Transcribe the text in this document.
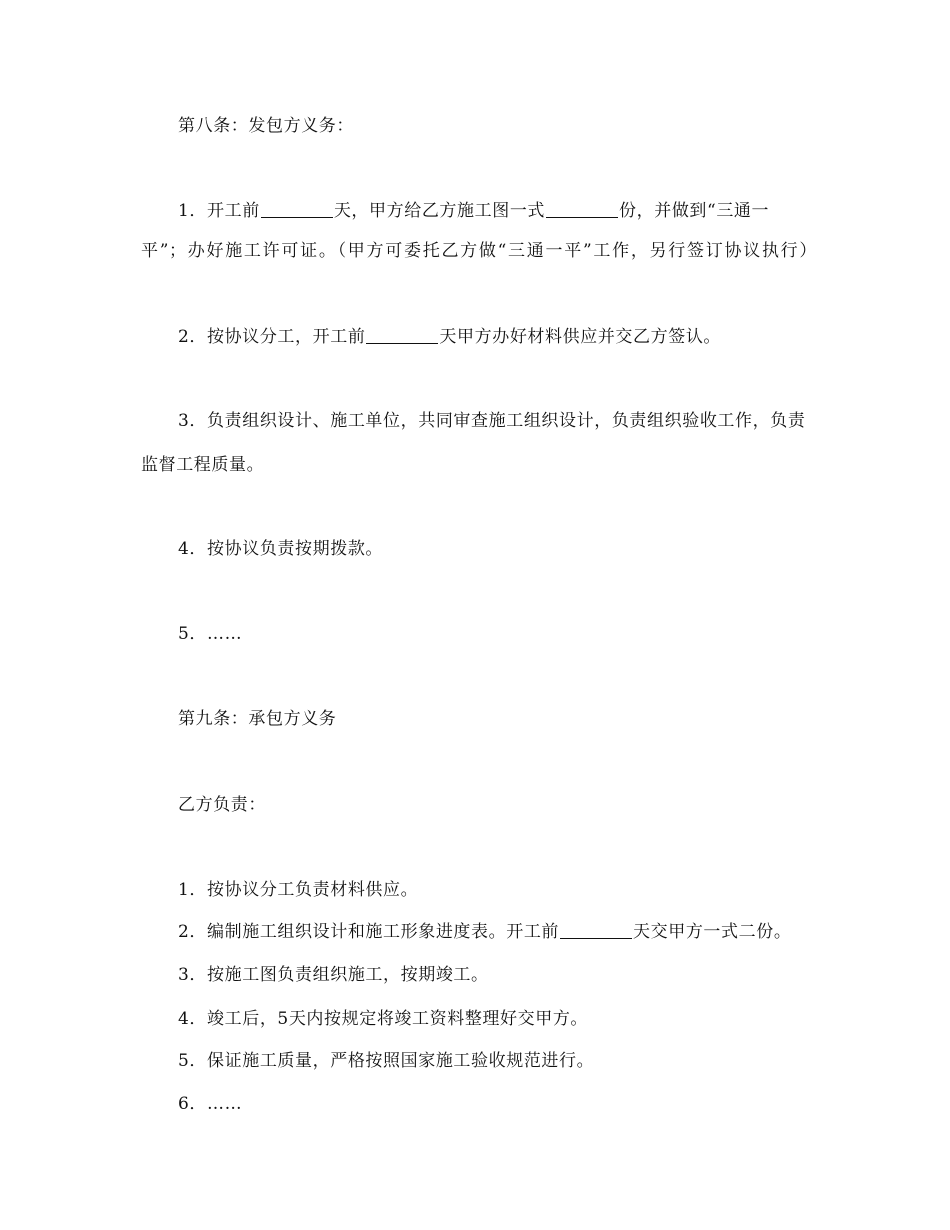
第八条：发包方义务：
1．开工前	天，甲方给乙方施工图一式	份，并做到“三通一
平”；办好施工许可证。（甲方可委托乙方做“三通一平”工作，另行签订协议执行）
2．按协议分工，开工前	天甲方办好材料供应并交乙方签认。
3．负责组织设计、施工单位，共同审查施工组织设计，负责组织验收工作，负责
监督工程质量。
4．按协议负责按期拨款。
5．……
第九条：承包方义务
乙方负责：
1．按协议分工负责材料供应。
2．编制施工组织设计和施工形象进度表。开工前	天交甲方一式二份。
3．按施工图负责组织施工，按期竣工。
4．竣工后，5天内按规定将竣工资料整理好交甲方。
5．保证施工质量，严格按照国家施工验收规范进行。
6．……
